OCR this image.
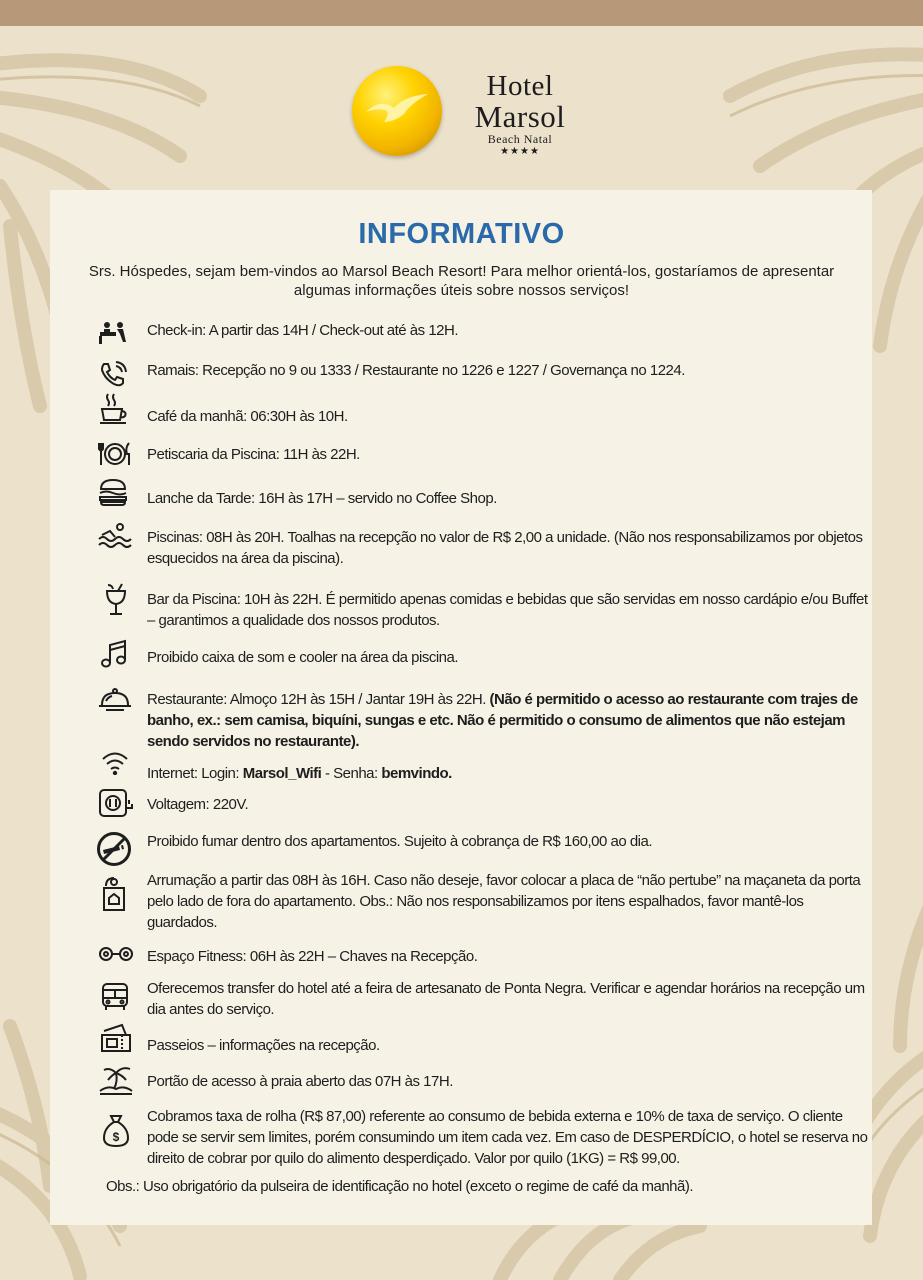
Hotel
Marsol
Beach Natal
★★★★
INFORMATIVO
Srs. Hóspedes, sejam bem-vindos ao Marsol Beach Resort! Para melhor orientá-los, gostaríamos de apresentar
algumas informações úteis sobre nossos serviços!
Check-in: A partir das 14H / Check-out até às 12H.
Ramais: Recepção no 9 ou 1333 / Restaurante no 1226 e 1227 / Governança no 1224.
Café da manhã: 06:30H às 10H.
Petiscaria da Piscina: 11H às 22H.
Lanche da Tarde: 16H às 17H – servido no Coffee Shop.
Piscinas: 08H às 20H. Toalhas na recepção no valor de R$ 2,00 a unidade. (Não nos responsabilizamos por objetos esquecidos na área da piscina).
Bar da Piscina: 10H às 22H. É permitido apenas comidas e bebidas que são servidas em nosso cardápio e/ou Buffet – garantimos a qualidade dos nossos produtos.
Proibido caixa de som e cooler na área da piscina.
Restaurante: Almoço 12H às 15H / Jantar 19H às 22H. (Não é permitido o acesso ao restaurante com trajes de banho, ex.: sem camisa, biquíni, sungas e etc. Não é permitido o consumo de alimentos que não estejam sendo servidos no restaurante).
Internet: Login: Marsol_Wifi - Senha: bemvindo.
Voltagem: 220V.
Proibido fumar dentro dos apartamentos. Sujeito à cobrança de R$ 160,00 ao dia.
Arrumação a partir das 08H às 16H. Caso não deseje, favor colocar a placa de “não pertube” na maçaneta da porta pelo lado de fora do apartamento. Obs.: Não nos responsabilizamos por itens espalhados, favor mantê-los guardados.
Espaço Fitness: 06H às 22H – Chaves na Recepção.
Oferecemos transfer do hotel até a feira de artesanato de Ponta Negra. Verificar e agendar horários na recepção um dia antes do serviço.
Passeios – informações na recepção.
Portão de acesso à praia aberto das 07H às 17H.
$
Cobramos taxa de rolha (R$ 87,00) referente ao consumo de bebida externa e 10% de taxa de serviço. O cliente pode se servir sem limites, porém consumindo um item cada vez. Em caso de DESPERDÍCIO, o hotel se reserva no direito de cobrar por quilo do alimento desperdiçado. Valor por quilo (1KG) = R$ 99,00.
Obs.: Uso obrigatório da pulseira de identificação no hotel (exceto o regime de café da manhã).
